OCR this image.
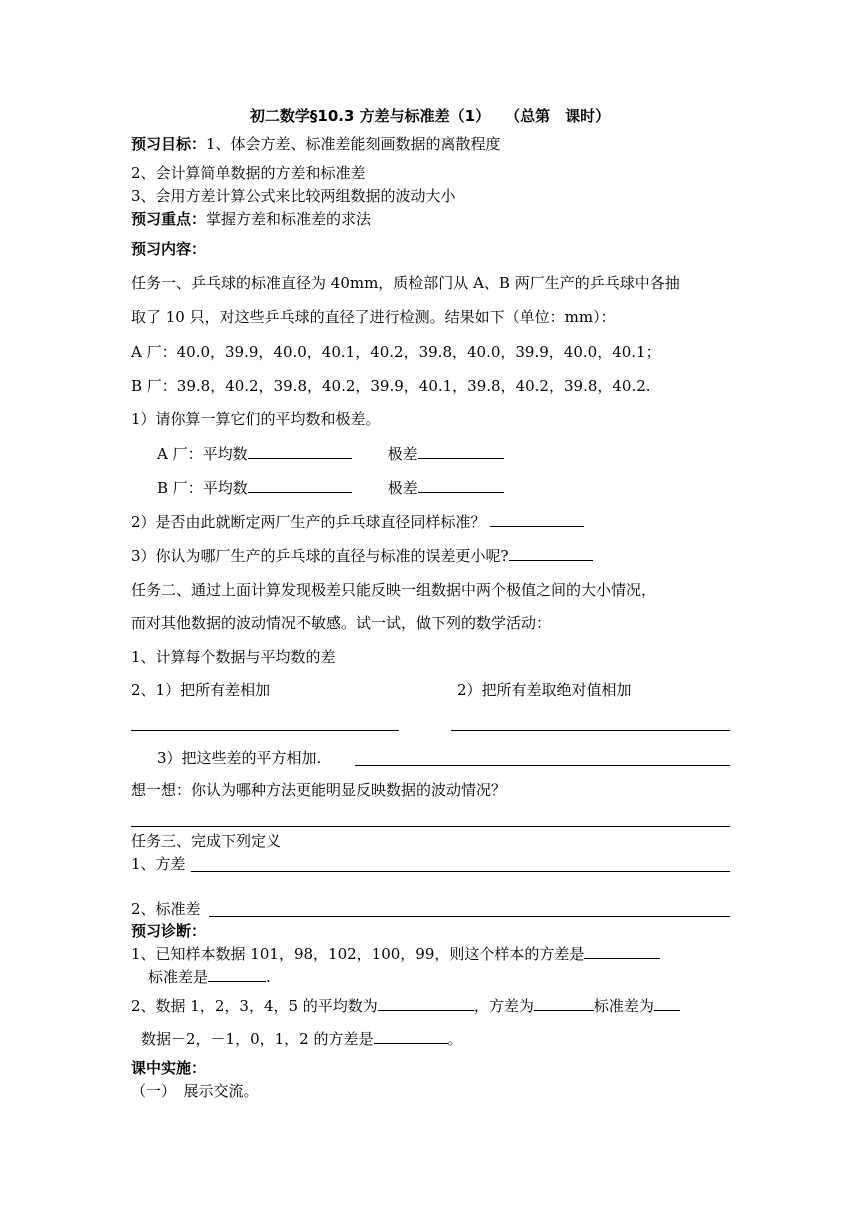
初二数学§10.3 方差与标准差（1）　　（总第　课时）
预习目标：1、体会方差、标准差能刻画数据的离散程度
2、会计算简单数据的方差和标准差
3、会用方差计算公式来比较两组数据的波动大小
预习重点：掌握方差和标准差的求法
预习内容：
任务一、乒乓球的标准直径为 40mm，质检部门从 A、B 两厂生产的乒乓球中各抽
取了 10 只，对这些乒乓球的直径了进行检测。结果如下（单位：mm）：
A 厂：40.0，39.9，40.0，40.1，40.2，39.8，40.0，39.9，40.0，40.1；
B 厂：39.8，40.2，39.8，40.2，39.9，40.1，39.8，40.2，39.8，40.2.
1）请你算一算它们的平均数和极差。
A 厂：平均数	极差
B 厂：平均数	极差
2）是否由此就断定两厂生产的乒乓球直径同样标准？
3）你认为哪厂生产的乒乓球的直径与标准的误差更小呢?
任务二、通过上面计算发现极差只能反映一组数据中两个极值之间的大小情况，
而对其他数据的波动情况不敏感。试一试，做下列的数学活动：
1、计算每个数据与平均数的差
2、1）把所有差相加	2）把所有差取绝对值相加
3）把这些差的平方相加.
想一想：你认为哪种方法更能明显反映数据的波动情况？
任务三、完成下列定义
1、方差
2、标准差
预习诊断：
1、已知样本数据 101，98，102，100，99，则这个样本的方差是
标准差是	.
2、数据 1，2，3，4，5 的平均数为	，方差为	标准差为
数据－2，－1，0，1，2 的方差是	。
课中实施：
（一）　展示交流。
